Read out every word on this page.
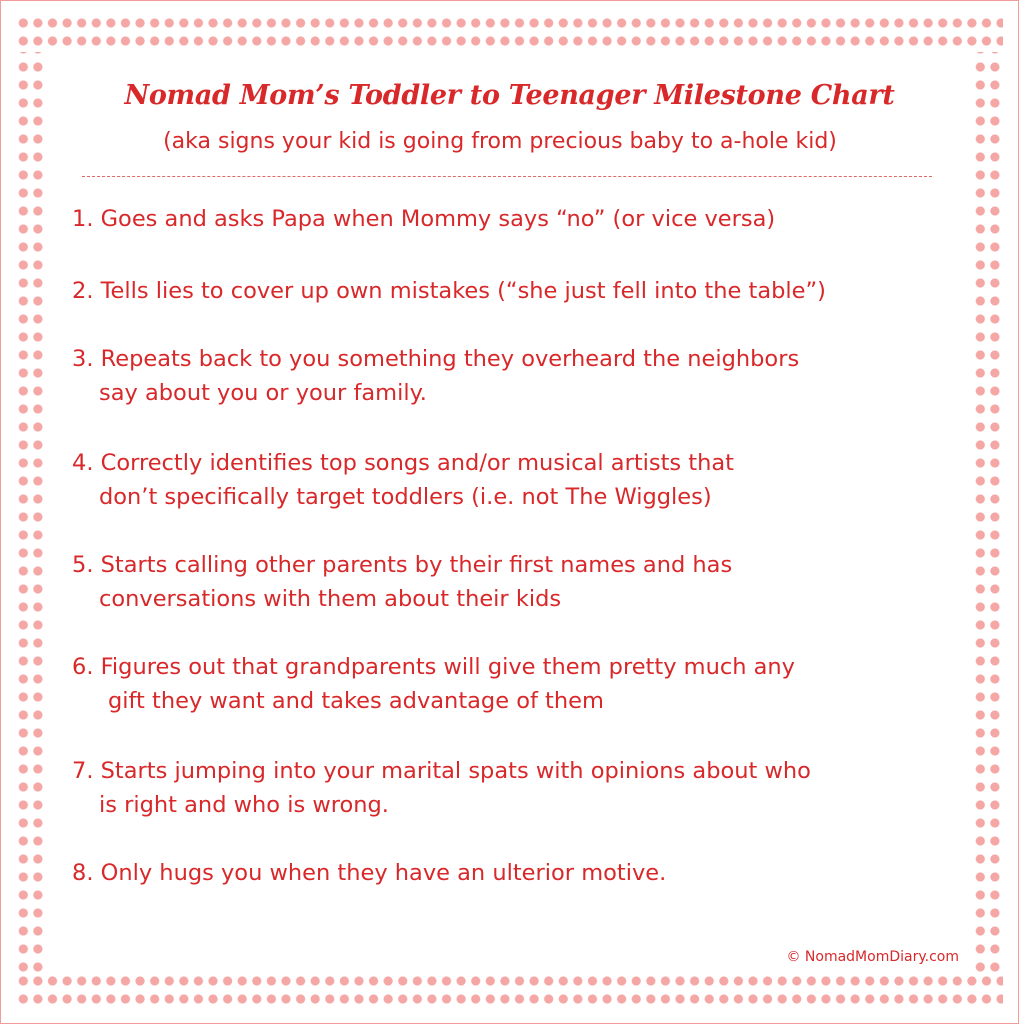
Nomad Mom’s Toddler to Teenager Milestone Chart

(aka signs your kid is going from precious baby to a-hole kid)

1. Goes and asks Papa when Mommy says “no” (or vice versa)
2. Tells lies to cover up own mistakes (“she just fell into the table”)
3. Repeats back to you something they overheard the neighbors
say about you or your family.
4. Correctly identifies top songs and/or musical artists that
don’t specifically target toddlers (i.e. not The Wiggles)
5. Starts calling other parents by their first names and has
conversations with them about their kids
6. Figures out that grandparents will give them pretty much any
gift they want and takes advantage of them
7. Starts jumping into your marital spats with opinions about who
is right and who is wrong.
8. Only hugs you when they have an ulterior motive.

© NomadMomDiary.com
